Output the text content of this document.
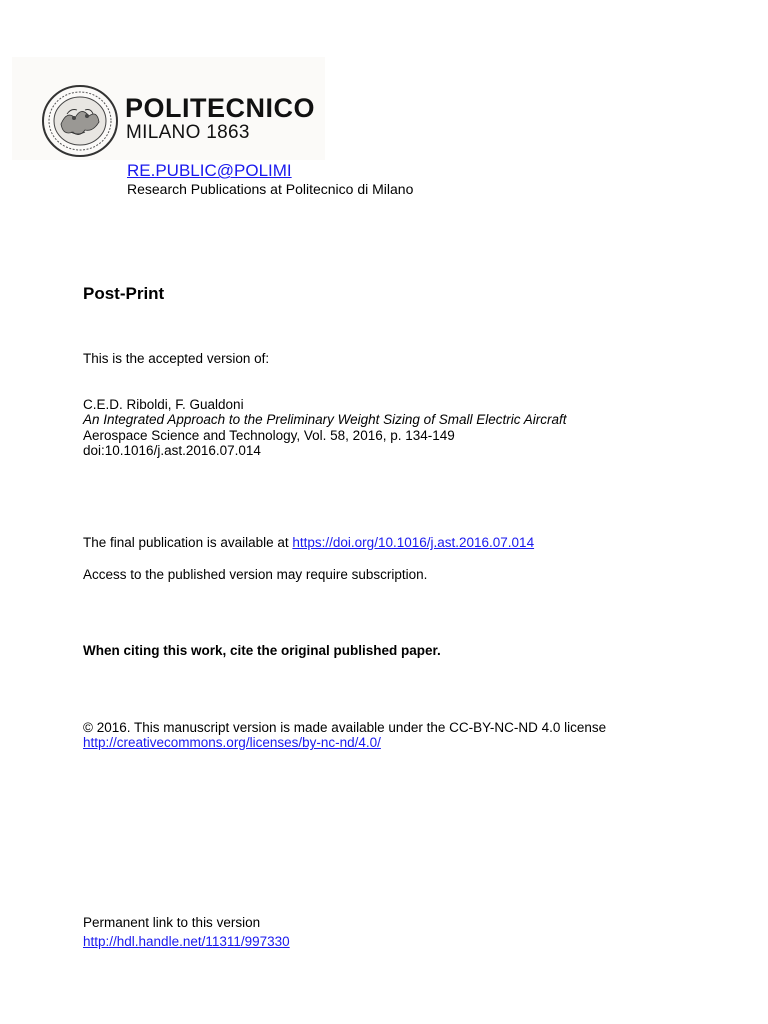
POLITECNICO
MILANO 1863
RE.PUBLIC@POLIMI
Research Publications at Politecnico di Milano
Post-Print
This is the accepted version of:
C.E.D. Riboldi, F. Gualdoni
An Integrated Approach to the Preliminary Weight Sizing of Small Electric Aircraft
Aerospace Science and Technology, Vol. 58, 2016, p. 134-149
doi:10.1016/j.ast.2016.07.014
The final publication is available at https://doi.org/10.1016/j.ast.2016.07.014
Access to the published version may require subscription.
When citing this work, cite the original published paper.
© 2016. This manuscript version is made available under the CC-BY-NC-ND 4.0 license
http://creativecommons.org/licenses/by-nc-nd/4.0/
Permanent link to this version
http://hdl.handle.net/11311/997330
